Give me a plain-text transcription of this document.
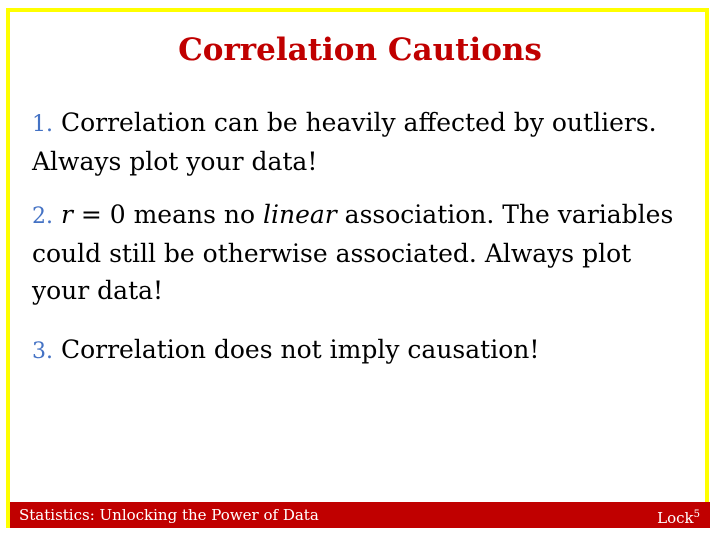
Correlation Cautions

1. Correlation can be heavily affected by outliers. Always plot your data!

2. r = 0 means no linear association. The variables could still be otherwise associated. Always plot your data!

3. Correlation does not imply causation!

Statistics: Unlocking the Power of Data	Lock$^5$
